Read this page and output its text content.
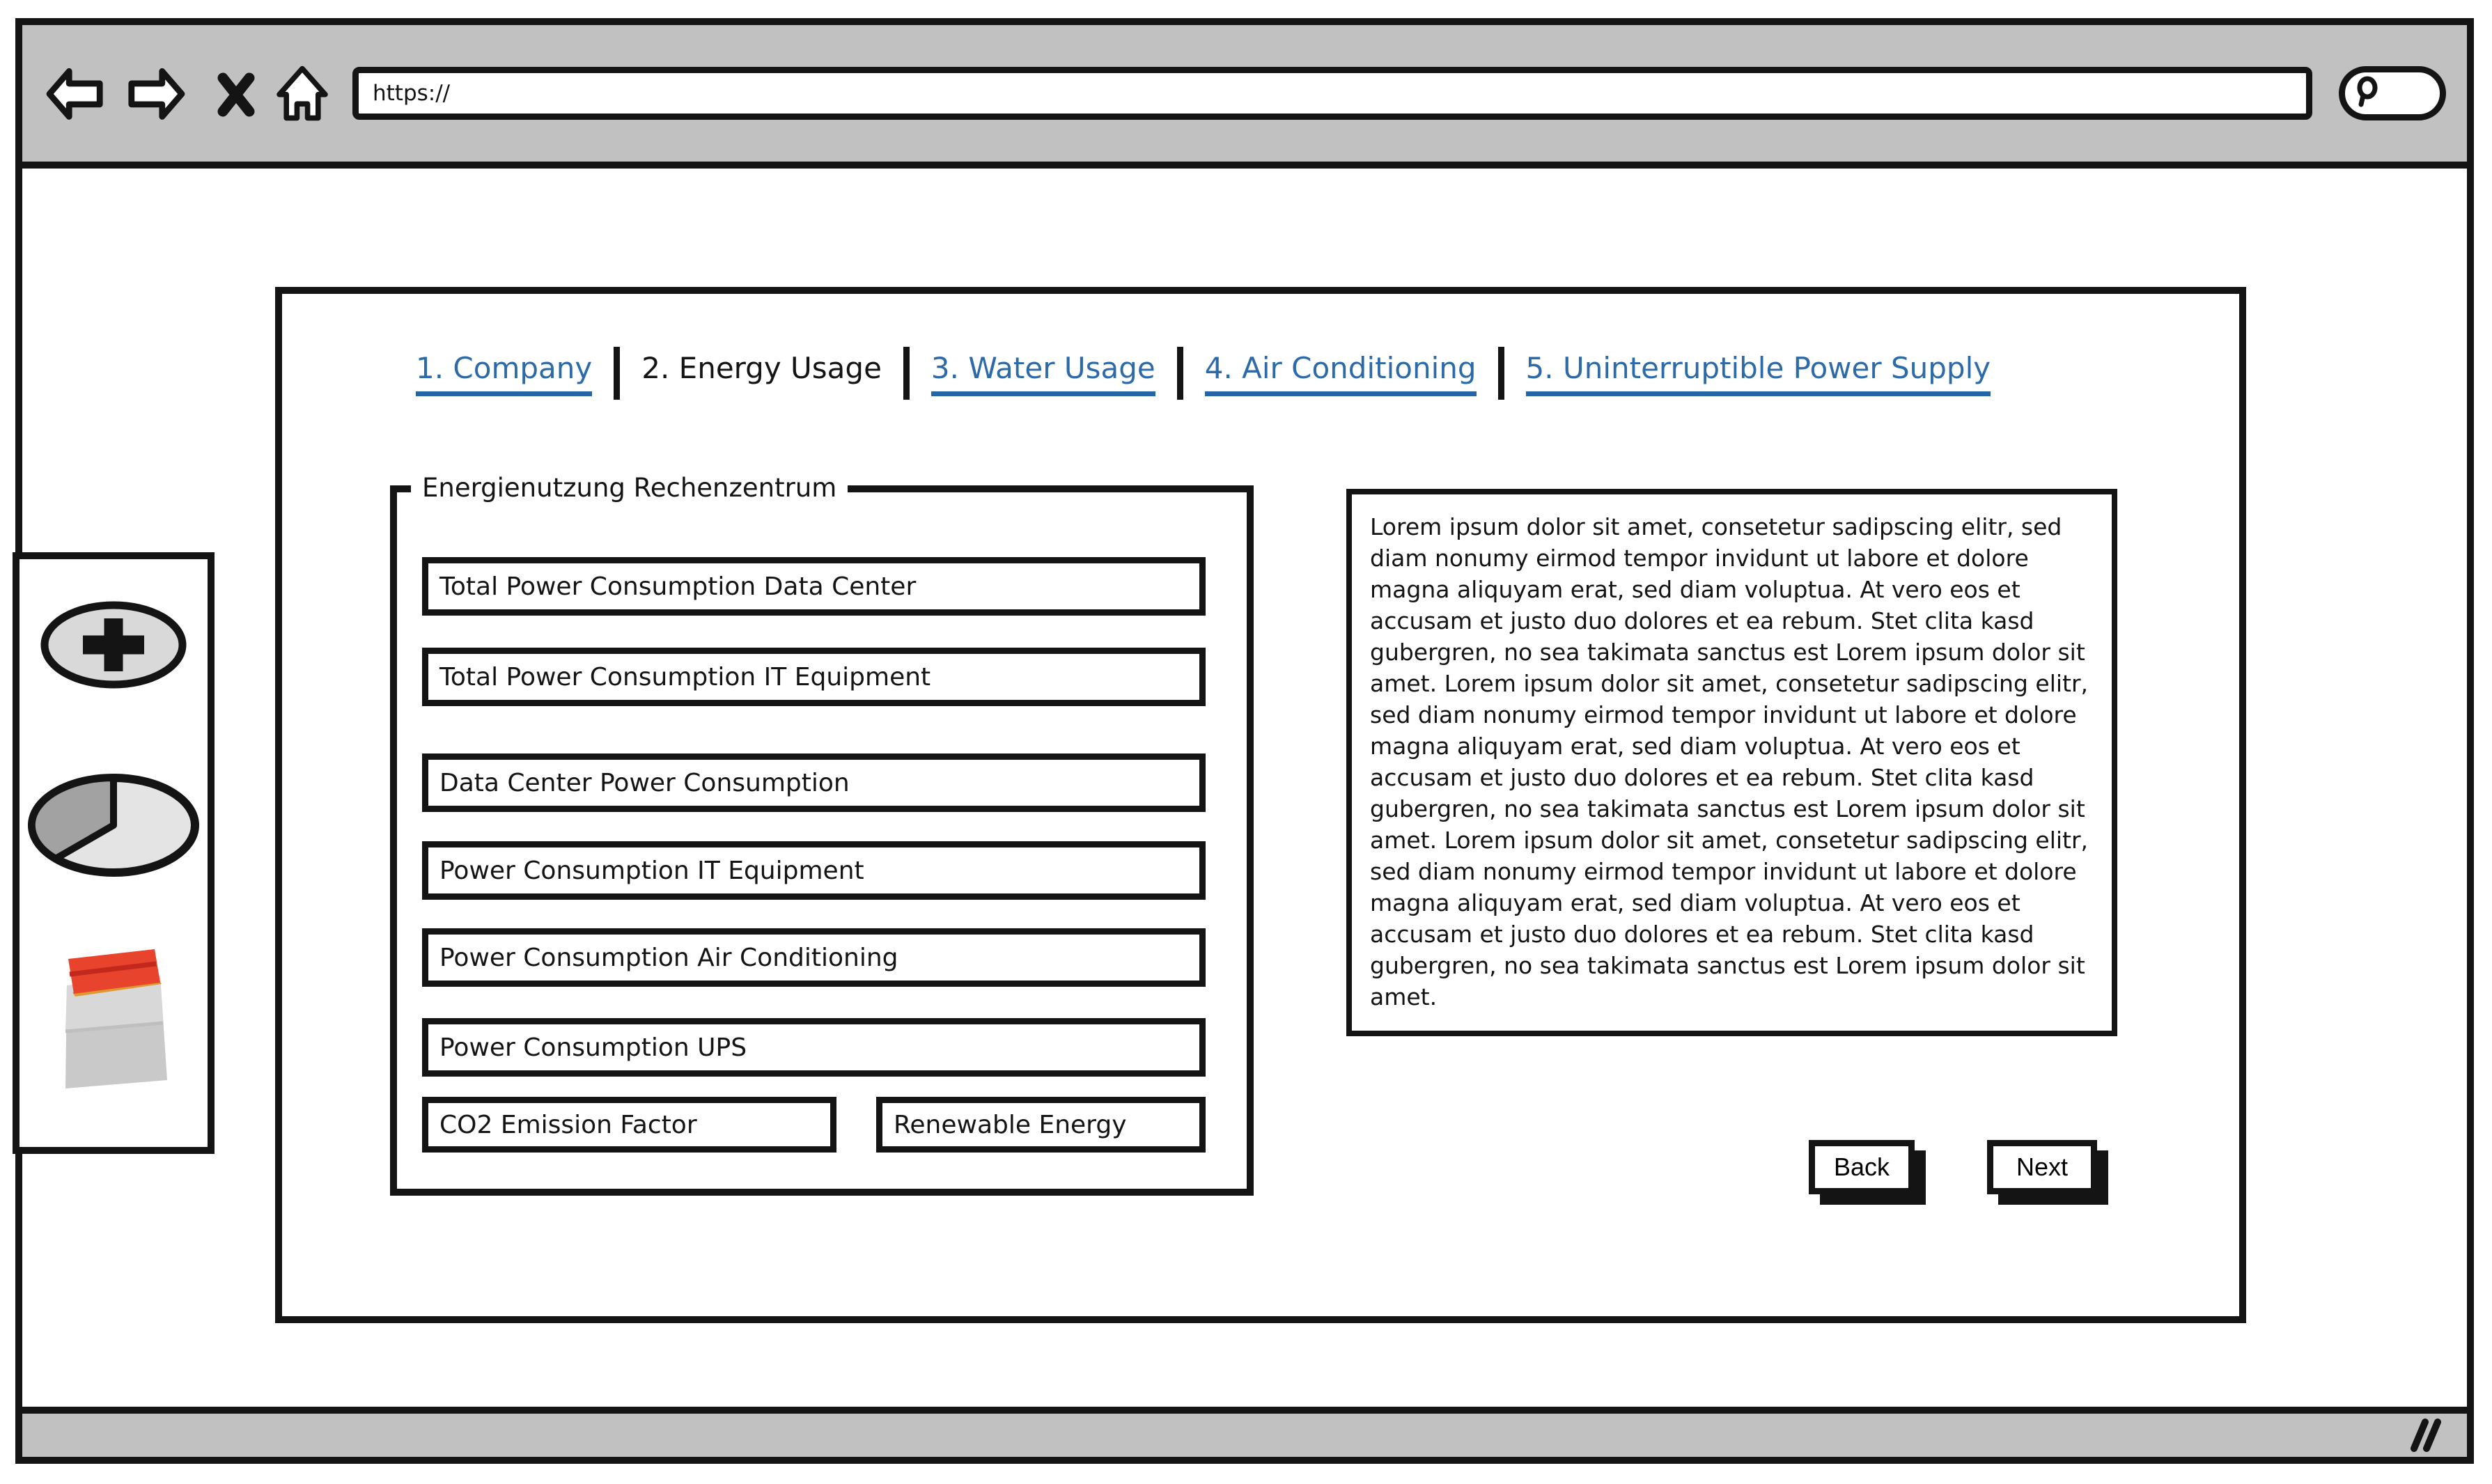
https://
1. Company 2. Energy Usage 3. Water Usage 4. Air Conditioning 5. Uninterruptible Power Supply
Energienutzung Rechenzentrum
Total Power Consumption Data Center
Total Power Consumption IT Equipment
Data Center Power Consumption
Power Consumption IT Equipment
Power Consumption Air Conditioning
Power Consumption UPS
CO2 Emission Factor	Renewable Energy
Lorem ipsum dolor sit amet, consetetur sadipscing elitr, sed diam nonumy eirmod tempor invidunt ut labore et dolore magna aliquyam erat, sed diam voluptua. At vero eos et accusam et justo duo dolores et ea rebum. Stet clita kasd gubergren, no sea takimata sanctus est Lorem ipsum dolor sit amet. Lorem ipsum dolor sit amet, consetetur sadipscing elitr, sed diam nonumy eirmod tempor invidunt ut labore et dolore magna aliquyam erat, sed diam voluptua. At vero eos et accusam et justo duo dolores et ea rebum. Stet clita kasd gubergren, no sea takimata sanctus est Lorem ipsum dolor sit amet. Lorem ipsum dolor sit amet, consetetur sadipscing elitr, sed diam nonumy eirmod tempor invidunt ut labore et dolore magna aliquyam erat, sed diam voluptua. At vero eos et accusam et justo duo dolores et ea rebum. Stet clita kasd gubergren, no sea takimata sanctus est Lorem ipsum dolor sit amet.
Back	Next
